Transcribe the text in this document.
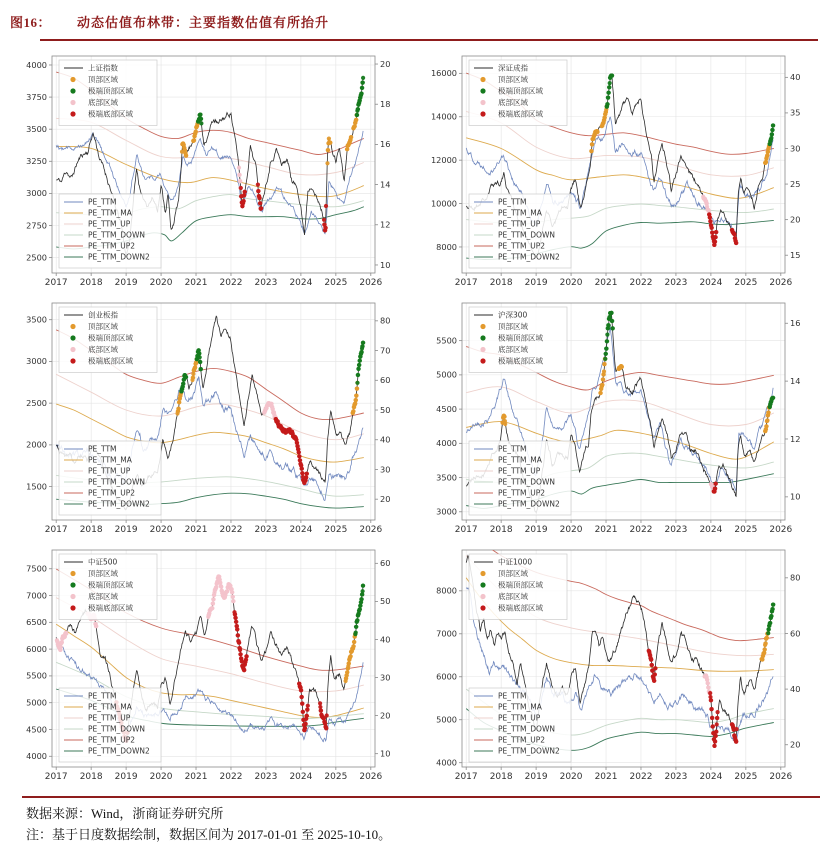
图16： 动态估值布林带：主要指数估值有所抬升
2500
2750
3000
3250
3500
3750
4000
10
12
14
16
18
20
2017 2018 2019 2020 2021 2022 2023 2024 2025 2026
上证指数
顶部区域
极端顶部区域
底部区域
极端底部区域
PE_TTM
PE_TTM_MA
PE_TTM_UP
PE_TTM_DOWN
PE_TTM_UP2
PE_TTM_DOWN2
8000
10000
12000
14000
16000
15
20
25
30
35
40
2017 2018 2019 2020 2021 2022 2023 2024 2025 2026
深证成指
顶部区域
极端顶部区域
底部区域
极端底部区域
PE_TTM
PE_TTM_MA
PE_TTM_UP
PE_TTM_DOWN
PE_TTM_UP2
PE_TTM_DOWN2
1500
2000
2500
3000
3500
20
30
40
50
60
70
80
2017 2018 2019 2020 2021 2022 2023 2024 2025 2026
创业板指
顶部区域
极端顶部区域
底部区域
极端底部区域
PE_TTM
PE_TTM_MA
PE_TTM_UP
PE_TTM_DOWN
PE_TTM_UP2
PE_TTM_DOWN2
3000
3500
4000
4500
5000
5500
10
12
14
16
2017 2018 2019 2020 2021 2022 2023 2024 2025 2026
沪深300
顶部区域
极端顶部区域
底部区域
极端底部区域
PE_TTM
PE_TTM_MA
PE_TTM_UP
PE_TTM_DOWN
PE_TTM_UP2
PE_TTM_DOWN2
4000
4500
5000
5500
6000
6500
7000
7500
10
20
30
40
50
60
2017 2018 2019 2020 2021 2022 2023 2024 2025 2026
中证500
顶部区域
极端顶部区域
底部区域
极端底部区域
PE_TTM
PE_TTM_MA
PE_TTM_UP
PE_TTM_DOWN
PE_TTM_UP2
PE_TTM_DOWN2
4000
5000
6000
7000
8000
20
40
60
80
2017 2018 2019 2020 2021 2022 2023 2024 2025 2026
中证1000
顶部区域
极端顶部区域
底部区域
极端底部区域
PE_TTM
PE_TTM_MA
PE_TTM_UP
PE_TTM_DOWN
PE_TTM_UP2
PE_TTM_DOWN2
数据来源：Wind，浙商证券研究所
注：基于日度数据绘制，数据区间为 2017-01-01 至 2025-10-10。
